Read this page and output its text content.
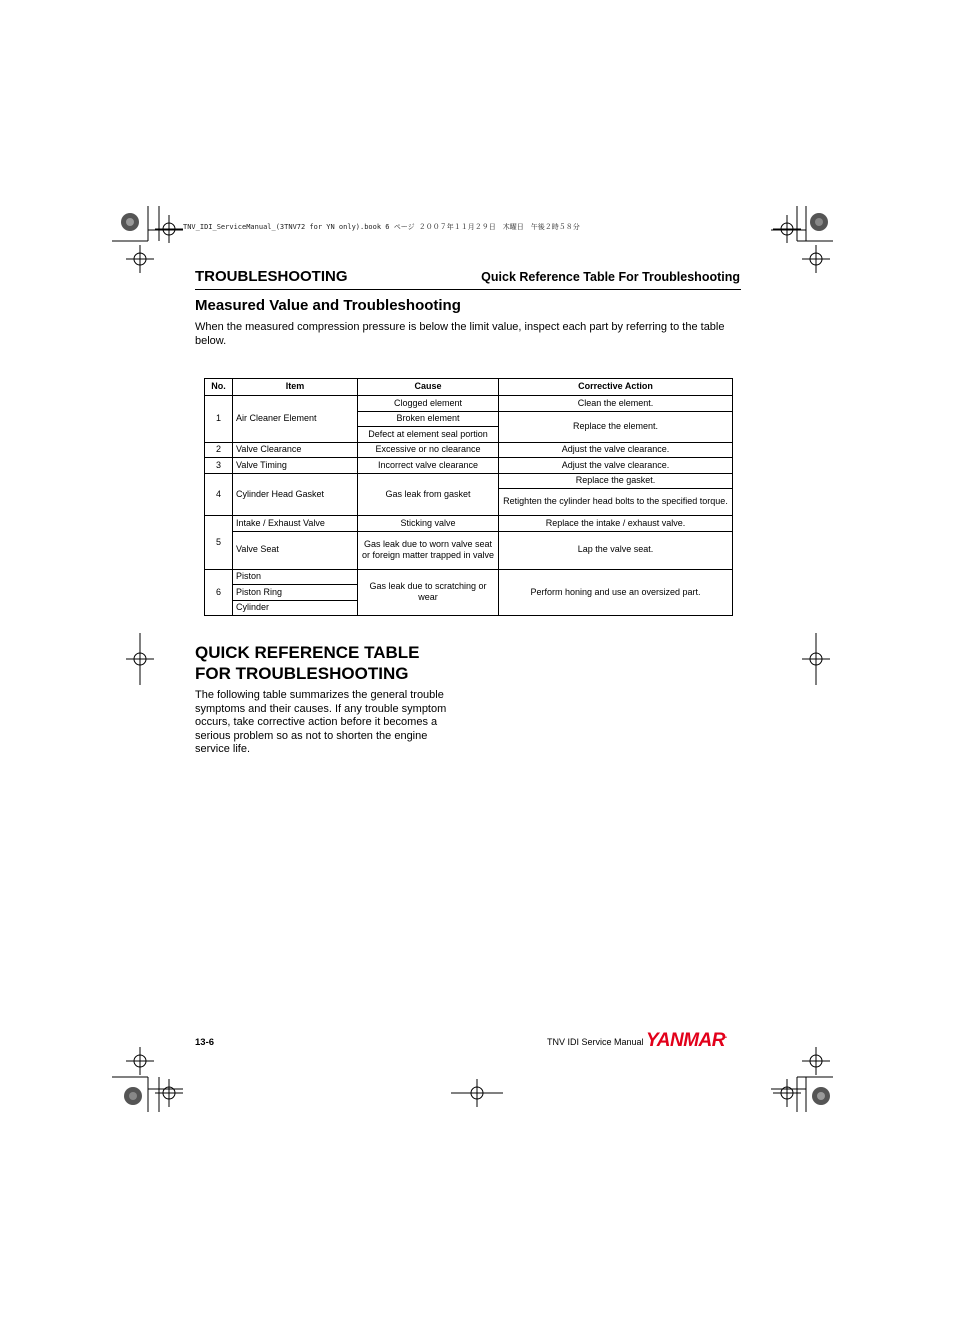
TNV_IDI_ServiceManual_(3TNV72 for YN only).book 6 ページ ２００７年１１月２９日　木曜日　午後２時５８分
TROUBLESHOOTING	Quick Reference Table For Troubleshooting
Measured Value and Troubleshooting
When the measured compression pressure is below the limit value, inspect each part by referring to the table below.
No.	Item	Cause	Corrective Action
1	Air Cleaner Element	Clogged element	Clean the element.
		Broken element	Replace the element.
		Defect at element seal portion	
2	Valve Clearance	Excessive or no clearance	Adjust the valve clearance.
3	Valve Timing	Incorrect valve clearance	Adjust the valve clearance.
4	Cylinder Head Gasket	Gas leak from gasket	Replace the gasket.
			Retighten the cylinder head bolts to the specified torque.
5	Intake / Exhaust Valve	Sticking valve	Replace the intake / exhaust valve.
	Valve Seat	Gas leak due to worn valve seat or foreign matter trapped in valve	Lap the valve seat.
6	Piston	Gas leak due to scratching or wear	Perform honing and use an oversized part.
	Piston Ring		
	Cylinder		
QUICK REFERENCE TABLE
FOR TROUBLESHOOTING
The following table summarizes the general trouble symptoms and their causes. If any trouble symptom occurs, take corrective action before it becomes a serious problem so as not to shorten the engine service life.
13-6	TNV IDI Service Manual YANMAR.
